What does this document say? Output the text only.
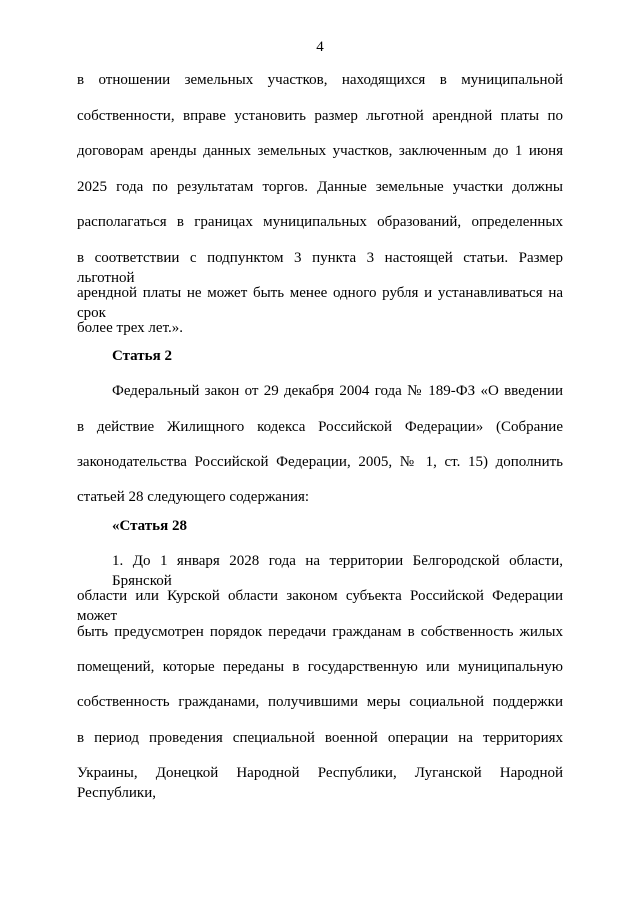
4
в отношении земельных участков, находящихся в муниципальной
собственности, вправе установить размер льготной арендной платы по
договорам аренды данных земельных участков, заключенным до 1 июня
2025 года по результатам торгов. Данные земельные участки должны
располагаться в границах муниципальных образований, определенных
в соответствии с подпунктом 3 пункта 3 настоящей статьи. Размер льготной
арендной платы не может быть менее одного рубля и устанавливаться на срок
более трех лет.».
Статья 2
Федеральный закон от 29 декабря 2004 года № 189-ФЗ «О введении
в действие Жилищного кодекса Российской Федерации» (Собрание
законодательства Российской Федерации, 2005, № 1, ст. 15) дополнить
статьей 28 следующего содержания:
«Статья 28
1. До 1 января 2028 года на территории Белгородской области, Брянской
области или Курской области законом субъекта Российской Федерации может
быть предусмотрен порядок передачи гражданам в собственность жилых
помещений, которые переданы в государственную или муниципальную
собственность гражданами, получившими меры социальной поддержки
в период проведения специальной военной операции на территориях
Украины, Донецкой Народной Республики, Луганской Народной Республики,
